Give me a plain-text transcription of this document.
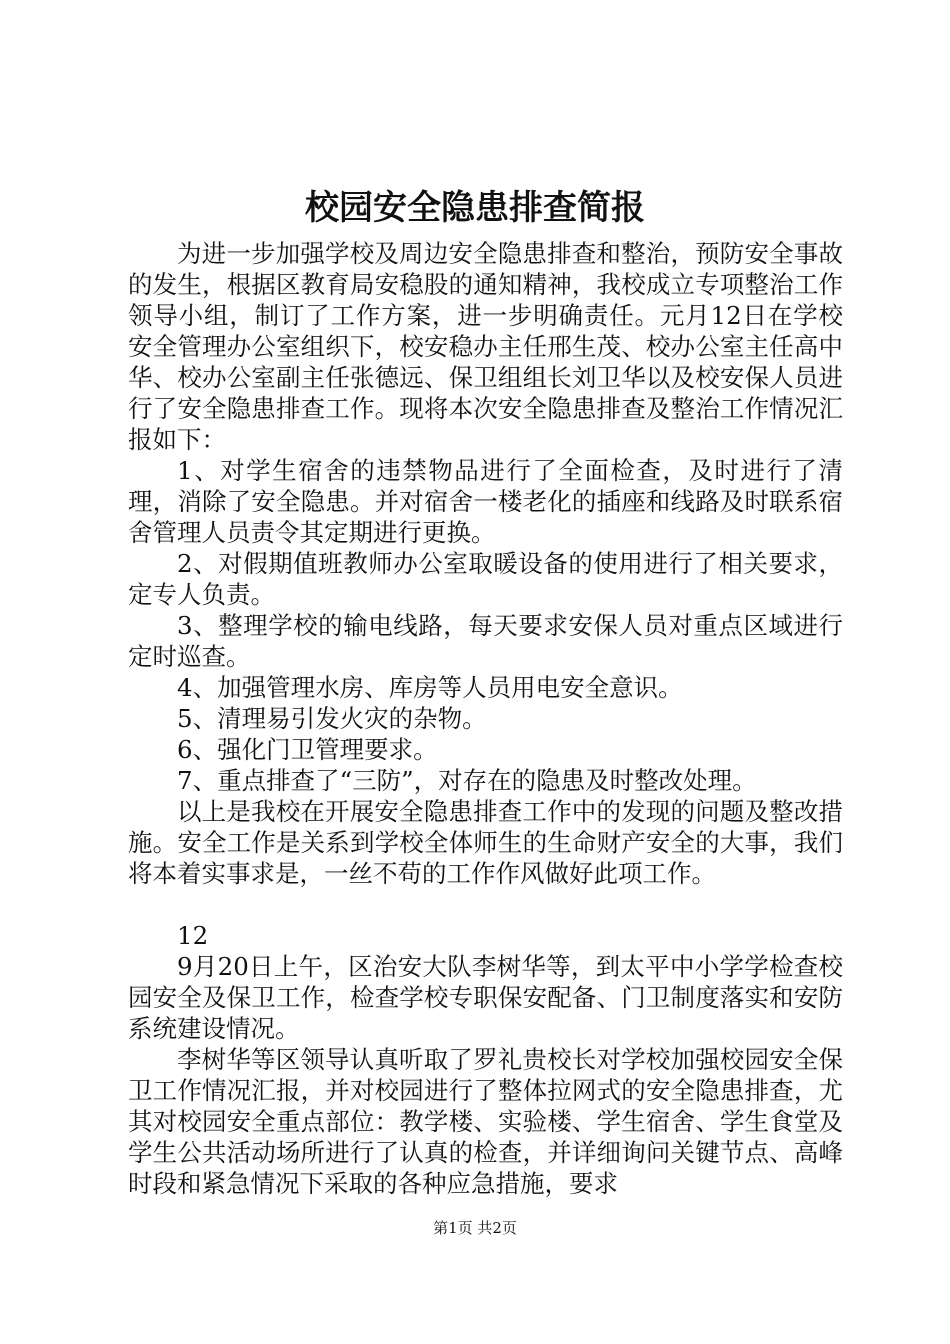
校园安全隐患排查简报

为进一步加强学校及周边安全隐患排查和整治，预防安全事故的发生，根据区教育局安稳股的通知精神，我校成立专项整治工作领导小组，制订了工作方案，进一步明确责任。元月12日在学校安全管理办公室组织下，校安稳办主任邢生茂、校办公室主任高中华、校办公室副主任张德远、保卫组组长刘卫华以及校安保人员进行了安全隐患排查工作。现将本次安全隐患排查及整治工作情况汇报如下：

1、对学生宿舍的违禁物品进行了全面检查，及时进行了清理，消除了安全隐患。并对宿舍一楼老化的插座和线路及时联系宿舍管理人员责令其定期进行更换。

2、对假期值班教师办公室取暖设备的使用进行了相关要求，定专人负责。

3、整理学校的输电线路，每天要求安保人员对重点区域进行定时巡查。

4、加强管理水房、库房等人员用电安全意识。

5、清理易引发火灾的杂物。

6、强化门卫管理要求。

7、重点排查了“三防”，对存在的隐患及时整改处理。

以上是我校在开展安全隐患排查工作中的发现的问题及整改措施。安全工作是关系到学校全体师生的生命财产安全的大事，我们将本着实事求是，一丝不苟的工作作风做好此项工作。

12

9月20日上午，区治安大队李树华等，到太平中小学学检查校园安全及保卫工作，检查学校专职保安配备、门卫制度落实和安防系统建设情况。

李树华等区领导认真听取了罗礼贵校长对学校加强校园安全保卫工作情况汇报，并对校园进行了整体拉网式的安全隐患排查，尤其对校园安全重点部位：教学楼、实验楼、学生宿舍、学生食堂及学生公共活动场所进行了认真的检查，并详细询问关键节点、高峰时段和紧急情况下采取的各种应急措施，要求

第1页 共2页
